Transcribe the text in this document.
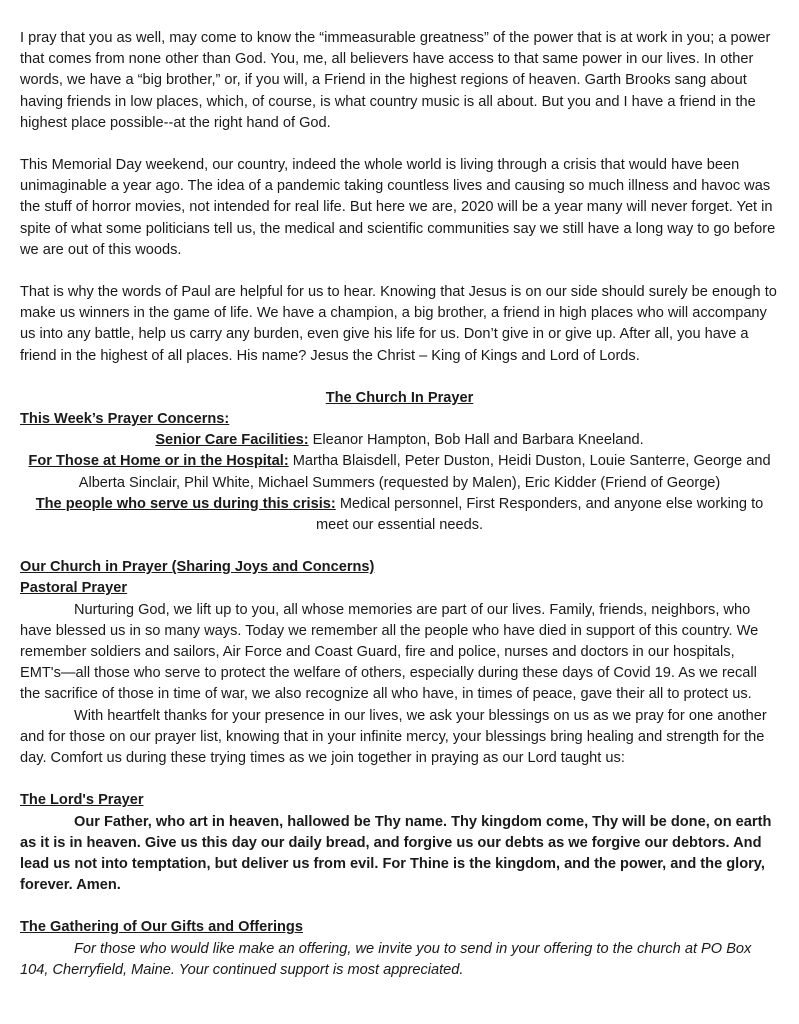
I pray that you as well, may come to know the “immeasurable greatness” of the power that is at work in you; a power that comes from none other than God. You, me, all believers have access to that same power in our lives. In other words, we have a “big brother,” or, if you will, a Friend in the highest regions of heaven. Garth Brooks sang about having friends in low places, which, of course, is what country music is all about. But you and I have a friend in the highest place possible--at the right hand of God.

This Memorial Day weekend, our country, indeed the whole world is living through a crisis that would have been unimaginable a year ago. The idea of a pandemic taking countless lives and causing so much illness and havoc was the stuff of horror movies, not intended for real life. But here we are, 2020 will be a year many will never forget. Yet in spite of what some politicians tell us, the medical and scientific communities say we still have a long way to go before we are out of this woods.

That is why the words of Paul are helpful for us to hear. Knowing that Jesus is on our side should surely be enough to make us winners in the game of life. We have a champion, a big brother, a friend in high places who will accompany us into any battle, help us carry any burden, even give his life for us. Don’t give in or give up. After all, you have a friend in the highest of all places. His name? Jesus the Christ – King of Kings and Lord of Lords.

The Church In Prayer

This Week’s Prayer Concerns:

Senior Care Facilities: Eleanor Hampton, Bob Hall and Barbara Kneeland.

For Those at Home or in the Hospital: Martha Blaisdell, Peter Duston, Heidi Duston, Louie Santerre, George and Alberta Sinclair, Phil White, Michael Summers (requested by Malen), Eric Kidder (Friend of George)

The people who serve us during this crisis: Medical personnel, First Responders, and anyone else working to meet our essential needs.

Our Church in Prayer (Sharing Joys and Concerns)

Pastoral Prayer

Nurturing God, we lift up to you, all whose memories are part of our lives. Family, friends, neighbors, who have blessed us in so many ways. Today we remember all the people who have died in support of this country. We remember soldiers and sailors, Air Force and Coast Guard, fire and police, nurses and doctors in our hospitals, EMT's—all those who serve to protect the welfare of others, especially during these days of Covid 19. As we recall the sacrifice of those in time of war, we also recognize all who have, in times of peace, gave their all to protect us.

With heartfelt thanks for your presence in our lives, we ask your blessings on us as we pray for one another and for those on our prayer list, knowing that in your infinite mercy, your blessings bring healing and strength for the day. Comfort us during these trying times as we join together in praying as our Lord taught us:

The Lord's Prayer

Our Father, who art in heaven, hallowed be Thy name. Thy kingdom come, Thy will be done, on earth as it is in heaven. Give us this day our daily bread, and forgive us our debts as we forgive our debtors. And lead us not into temptation, but deliver us from evil. For Thine is the kingdom, and the power, and the glory, forever. Amen.

The Gathering of Our Gifts and Offerings

For those who would like make an offering, we invite you to send in your offering to the church at PO Box 104, Cherryfield, Maine. Your continued support is most appreciated.
